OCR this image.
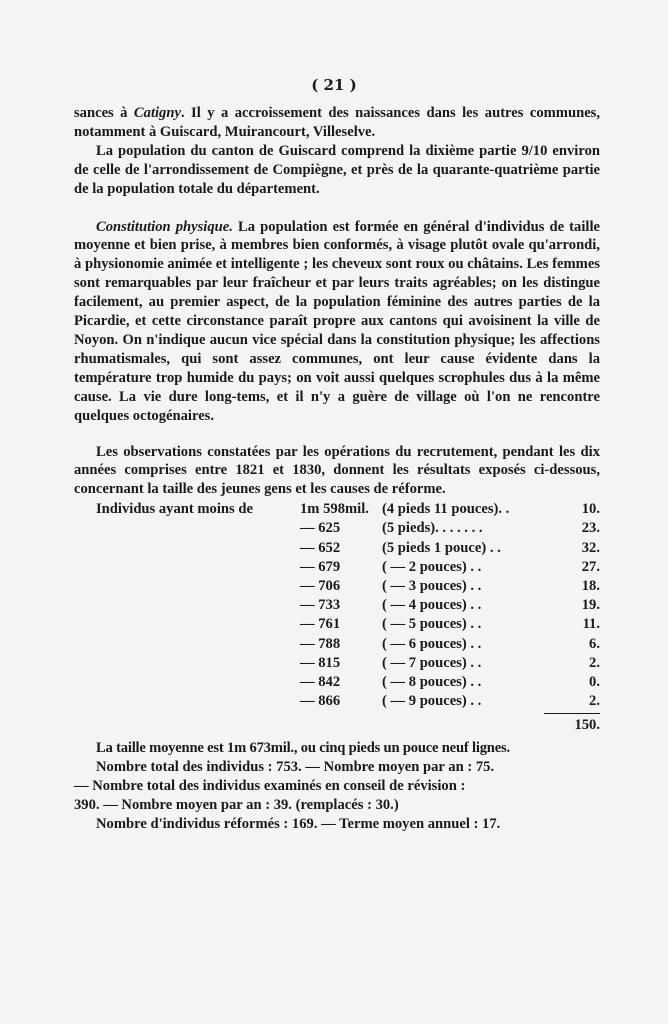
( 21 )

sances à Catigny. Il y a accroissement des naissances dans les autres communes, notamment à Guiscard, Muirancourt, Villeselve.

La population du canton de Guiscard comprend la dixième partie 9/10 environ de celle de l'arrondissement de Compiègne, et près de la quarante-quatrième partie de la population totale du département.

Constitution physique. La population est formée en général d'individus de taille moyenne et bien prise, à membres bien conformés, à visage plutôt ovale qu'arrondi, à physionomie animée et intelligente ; les cheveux sont roux ou châtains. Les femmes sont remarquables par leur fraîcheur et par leurs traits agréables; on les distingue facilement, au premier aspect, de la population féminine des autres parties de la Picardie, et cette circonstance paraît propre aux cantons qui avoisinent la ville de Noyon. On n'indique aucun vice spécial dans la constitution physique; les affections rhumatismales, qui sont assez communes, ont leur cause évidente dans la température trop humide du pays; on voit aussi quelques scrophules dus à la même cause. La vie dure long-tems, et il n'y a guère de village où l'on ne rencontre quelques octogénaires.

Les observations constatées par les opérations du recrutement, pendant les dix années comprises entre 1821 et 1830, donnent les résultats exposés ci-dessous, concernant la taille des jeunes gens et les causes de réforme.

Individus ayant moins de	1m 598mil. (4 pieds 11 pouces). .	10.
— 625	(5 pieds). . . . . . .	23.
— 652	(5 pieds 1 pouce) . .	32.
— 679	( — 2 pouces) . .	27.
— 706	( — 3 pouces) . .	18.
— 733	( — 4 pouces) . .	19.
— 761	( — 5 pouces) . .	11.
— 788	( — 6 pouces) . .	6.
— 815	( — 7 pouces) . .	2.
— 842	( — 8 pouces) . .	0.
— 866	( — 9 pouces) . .	2.
150.

La taille moyenne est 1m 673mil., ou cinq pieds un pouce neuf lignes.

Nombre total des individus : 753. — Nombre moyen par an : 75.

— Nombre total des individus examinés en conseil de révision :

390. — Nombre moyen par an : 39. (remplacés : 30.)

Nombre d'individus réformés : 169. — Terme moyen annuel : 17.
